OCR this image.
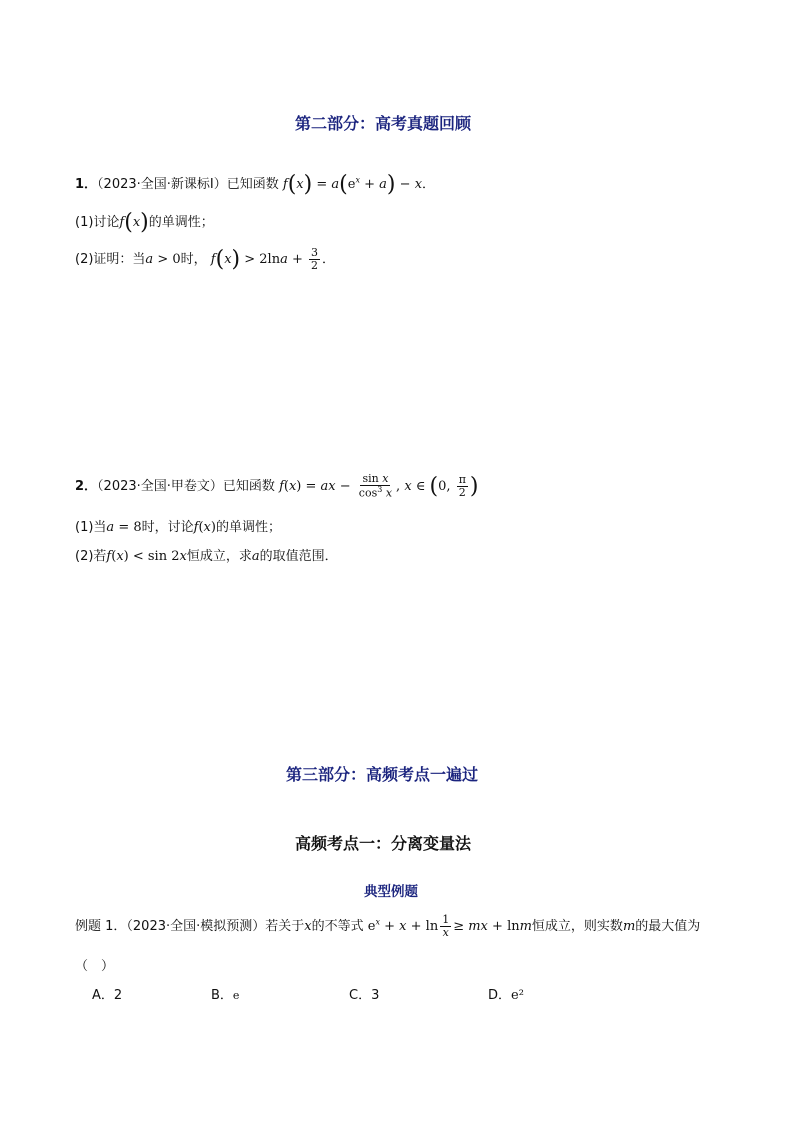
第二部分：高考真题回顾
1．（2023·全国·新课标Ⅰ）已知函数 $f(x) = a(e^x + a) - x$．
(1)讨论f(x)的单调性；
(2)证明：当a > 0时， $f(x) > 2\ln a + \frac{3}{2}$ ．
2．（2023·全国·甲卷文）已知函数 f(x) = ax − $\frac{\text{sin x}}{\cos^3 x}$ , x ∈ (0, $\frac{\pi}{2}$ )
(1)当a = 8时，讨论f(x)的单调性；
(2)若f(x) < sin 2x恒成立，求a的取值范围．
第三部分：高频考点一遍过
高频考点一：分离变量法
典型例题
例题 1．（2023·全国·模拟预测）若关于x的不等式 $e^x + x + \ln \frac{1}{x}$ ≥ mx + lnm恒成立，则实数m的最大值为
（　）
A．2	B．e	C．3	D．e²
